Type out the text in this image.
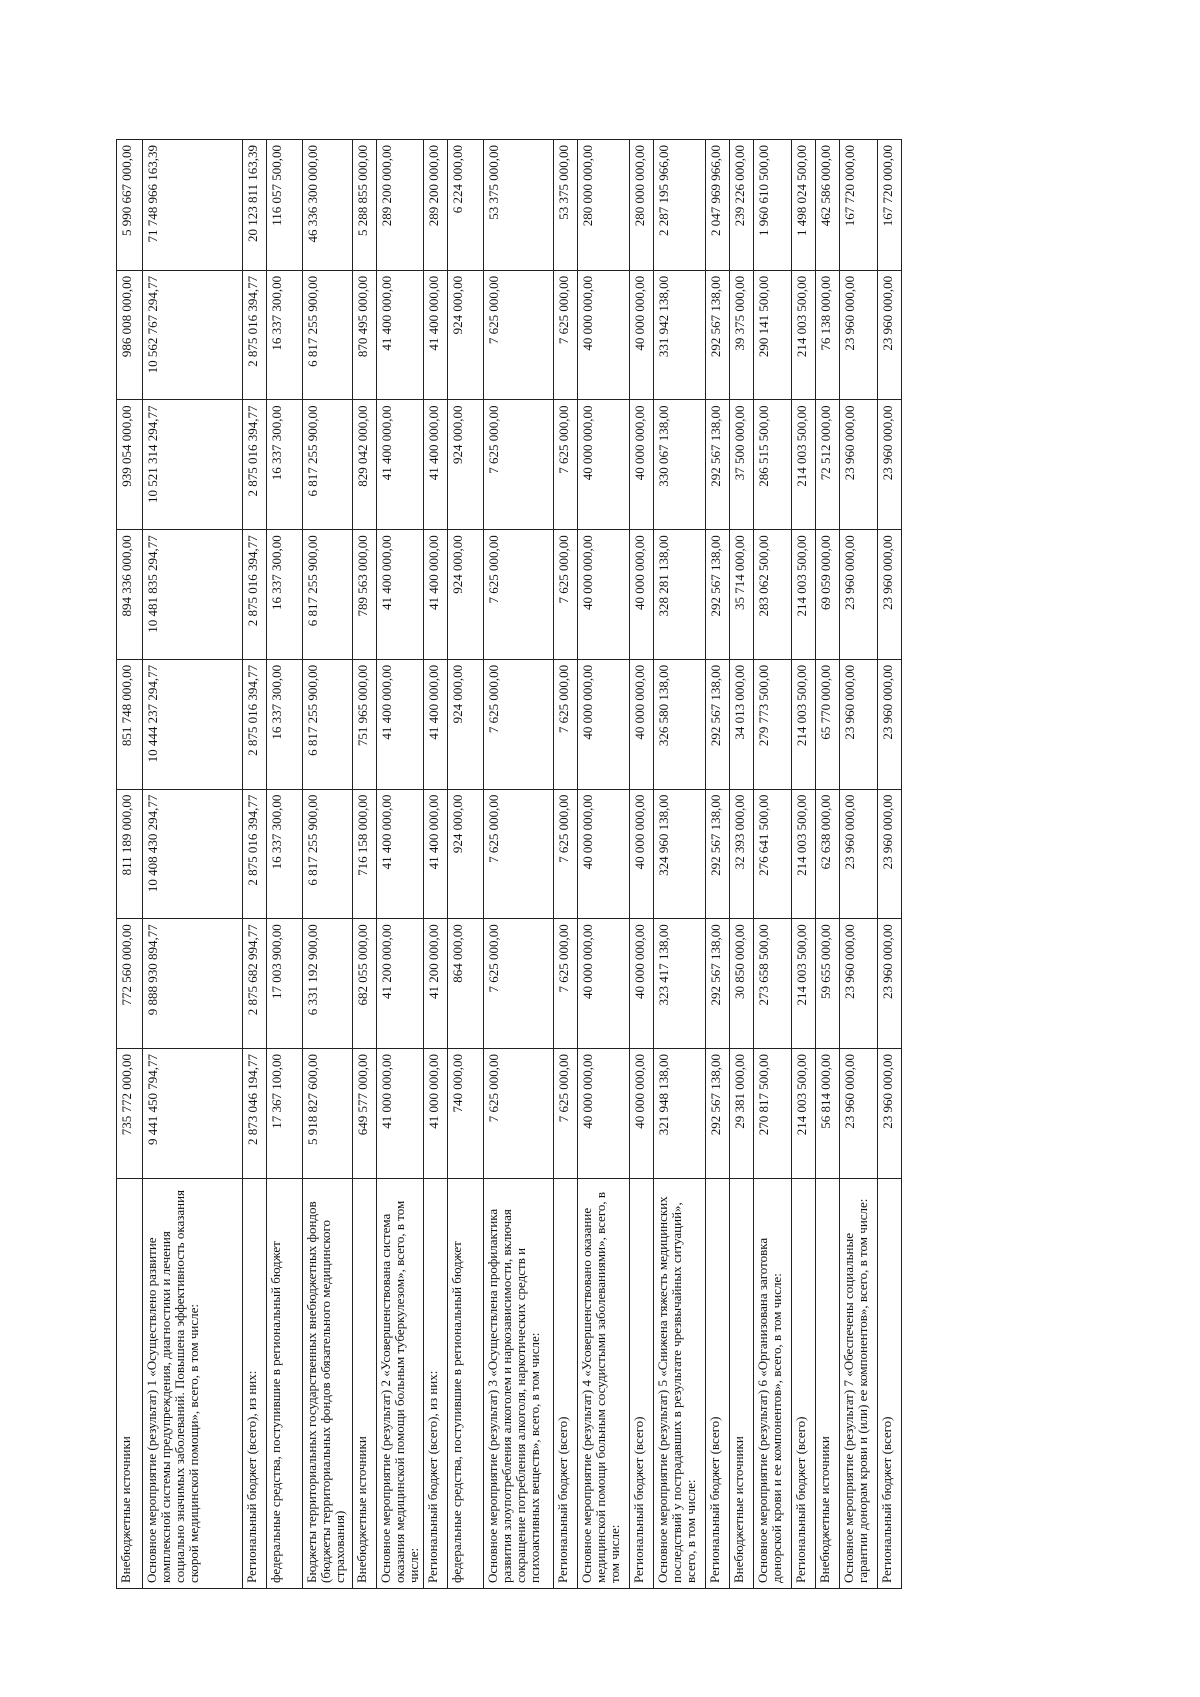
Внебюджетные источники	735 772 000,00	772 560 000,00	811 189 000,00	851 748 000,00	894 336 000,00	939 054 000,00	986 008 000,00	5 990 667 000,00
Основное мероприятие (результат) 1 «Осуществлено развитие комплексной системы предупреждения, диагностики и лечения социально значимых заболеваний. Повышена эффективность оказания скорой медицинской помощи», всего, в том числе:	9 441 450 794,77	9 888 930 894,77	10 408 430 294,77	10 444 237 294,77	10 481 835 294,77	10 521 314 294,77	10 562 767 294,77	71 748 966 163,39
Региональный бюджет (всего), из них:	2 873 046 194,77	2 875 682 994,77	2 875 016 394,77	2 875 016 394,77	2 875 016 394,77	2 875 016 394,77	2 875 016 394,77	20 123 811 163,39
федеральные средства, поступившие в региональный бюджет	17 367 100,00	17 003 900,00	16 337 300,00	16 337 300,00	16 337 300,00	16 337 300,00	16 337 300,00	116 057 500,00
Бюджеты территориальных государственных внебюджетных фондов (бюджеты территориальных фондов обязательного медицинского страхования)	5 918 827 600,00	6 331 192 900,00	6 817 255 900,00	6 817 255 900,00	6 817 255 900,00	6 817 255 900,00	6 817 255 900,00	46 336 300 000,00
Внебюджетные источники	649 577 000,00	682 055 000,00	716 158 000,00	751 965 000,00	789 563 000,00	829 042 000,00	870 495 000,00	5 288 855 000,00
Основное мероприятие (результат) 2 «Усовершенствована система оказания медицинской помощи больным туберкулезом», всего, в том числе:	41 000 000,00	41 200 000,00	41 400 000,00	41 400 000,00	41 400 000,00	41 400 000,00	41 400 000,00	289 200 000,00
Региональный бюджет (всего), из них:	41 000 000,00	41 200 000,00	41 400 000,00	41 400 000,00	41 400 000,00	41 400 000,00	41 400 000,00	289 200 000,00
федеральные средства, поступившие в региональный бюджет	740 000,00	864 000,00	924 000,00	924 000,00	924 000,00	924 000,00	924 000,00	6 224 000,00
Основное мероприятие (результат) 3 «Осуществлена профилактика развития злоупотребления алкоголем и наркозависимости, включая сокращение потребления алкоголя, наркотических средств и психоактивных веществ», всего, в том числе:	7 625 000,00	7 625 000,00	7 625 000,00	7 625 000,00	7 625 000,00	7 625 000,00	7 625 000,00	53 375 000,00
Региональный бюджет (всего)	7 625 000,00	7 625 000,00	7 625 000,00	7 625 000,00	7 625 000,00	7 625 000,00	7 625 000,00	53 375 000,00
Основное мероприятие (результат) 4 «Усовершенствовано оказание медицинской помощи больным сосудистыми заболеваниями», всего, в том числе:	40 000 000,00	40 000 000,00	40 000 000,00	40 000 000,00	40 000 000,00	40 000 000,00	40 000 000,00	280 000 000,00
Региональный бюджет (всего)	40 000 000,00	40 000 000,00	40 000 000,00	40 000 000,00	40 000 000,00	40 000 000,00	40 000 000,00	280 000 000,00
Основное мероприятие (результат) 5 «Снижена тяжесть медицинских последствий у пострадавших в результате чрезвычайных ситуаций», всего, в том числе:	321 948 138,00	323 417 138,00	324 960 138,00	326 580 138,00	328 281 138,00	330 067 138,00	331 942 138,00	2 287 195 966,00
Региональный бюджет (всего)	292 567 138,00	292 567 138,00	292 567 138,00	292 567 138,00	292 567 138,00	292 567 138,00	292 567 138,00	2 047 969 966,00
Внебюджетные источники	29 381 000,00	30 850 000,00	32 393 000,00	34 013 000,00	35 714 000,00	37 500 000,00	39 375 000,00	239 226 000,00
Основное мероприятие (результат) 6 «Организована заготовка донорской крови и ее компонентов», всего, в том числе:	270 817 500,00	273 658 500,00	276 641 500,00	279 773 500,00	283 062 500,00	286 515 500,00	290 141 500,00	1 960 610 500,00
Региональный бюджет (всего)	214 003 500,00	214 003 500,00	214 003 500,00	214 003 500,00	214 003 500,00	214 003 500,00	214 003 500,00	1 498 024 500,00
Внебюджетные источники	56 814 000,00	59 655 000,00	62 638 000,00	65 770 000,00	69 059 000,00	72 512 000,00	76 138 000,00	462 586 000,00
Основное мероприятие (результат) 7 «Обеспечены социальные гарантии донорам крови и (или) ее компонентов», всего, в том числе:	23 960 000,00	23 960 000,00	23 960 000,00	23 960 000,00	23 960 000,00	23 960 000,00	23 960 000,00	167 720 000,00
Региональный бюджет (всего)	23 960 000,00	23 960 000,00	23 960 000,00	23 960 000,00	23 960 000,00	23 960 000,00	23 960 000,00	167 720 000,00
